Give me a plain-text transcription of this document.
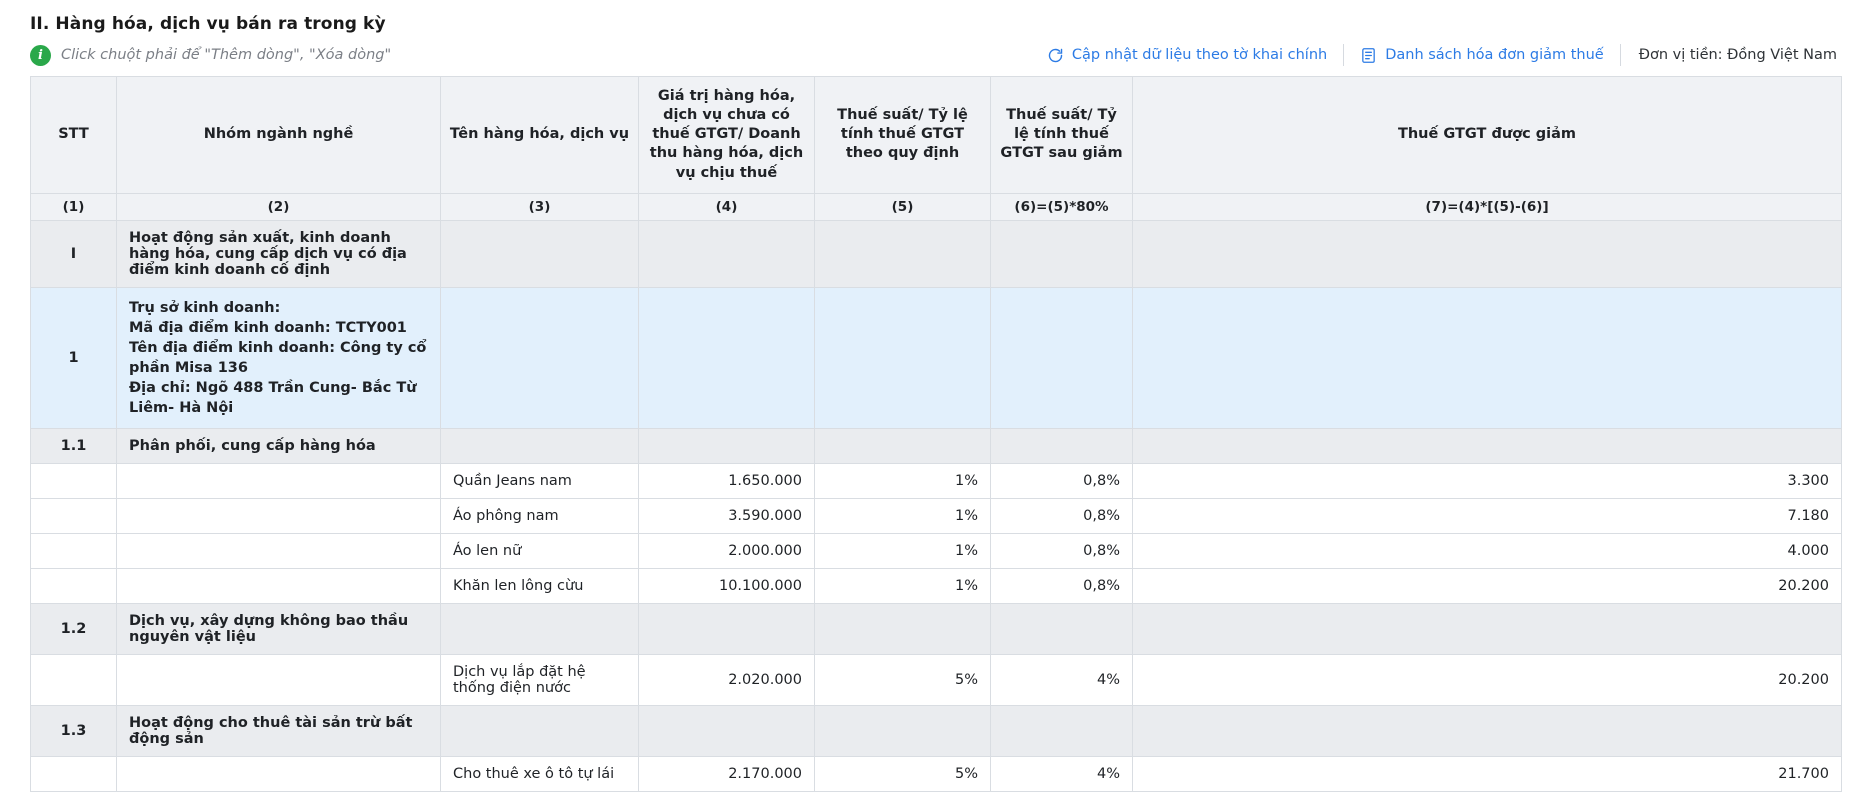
II. Hàng hóa, dịch vụ bán ra trong kỳ
i	Click chuột phải để "Thêm dòng", "Xóa dòng"	Cập nhật dữ liệu theo tờ khai chính	Danh sách hóa đơn giảm thuế	Đơn vị tiền: Đồng Việt Nam
STT	Nhóm ngành nghề	Tên hàng hóa, dịch vụ	Giá trị hàng hóa, dịch vụ chưa có thuế GTGT/ Doanh thu hàng hóa, dịch vụ chịu thuế	Thuế suất/ Tỷ lệ tính thuế GTGT theo quy định	Thuế suất/ Tỷ lệ tính thuế GTGT sau giảm	Thuế GTGT được giảm
(1)	(2)	(3)	(4)	(5)	(6)=(5)*80%	(7)=(4)*[(5)-(6)]
I	Hoạt động sản xuất, kinh doanh hàng hóa, cung cấp dịch vụ có địa điểm kinh doanh cố định					
1	Trụ sở kinh doanh:
Mã địa điểm kinh doanh: TCTY001
Tên địa điểm kinh doanh: Công ty cổ phần Misa 136
Địa chỉ: Ngõ 488 Trần Cung- Bắc Từ Liêm- Hà Nội					
1.1	Phân phối, cung cấp hàng hóa					
		Quần Jeans nam	1.650.000	1%	0,8%	3.300
		Áo phông nam	3.590.000	1%	0,8%	7.180
		Áo len nữ	2.000.000	1%	0,8%	4.000
		Khăn len lông cừu	10.100.000	1%	0,8%	20.200
1.2	Dịch vụ, xây dựng không bao thầu nguyên vật liệu					
		Dịch vụ lắp đặt hệ thống điện nước	2.020.000	5%	4%	20.200
1.3	Hoạt động cho thuê tài sản trừ bất động sản					
		Cho thuê xe ô tô tự lái	2.170.000	5%	4%	21.700
